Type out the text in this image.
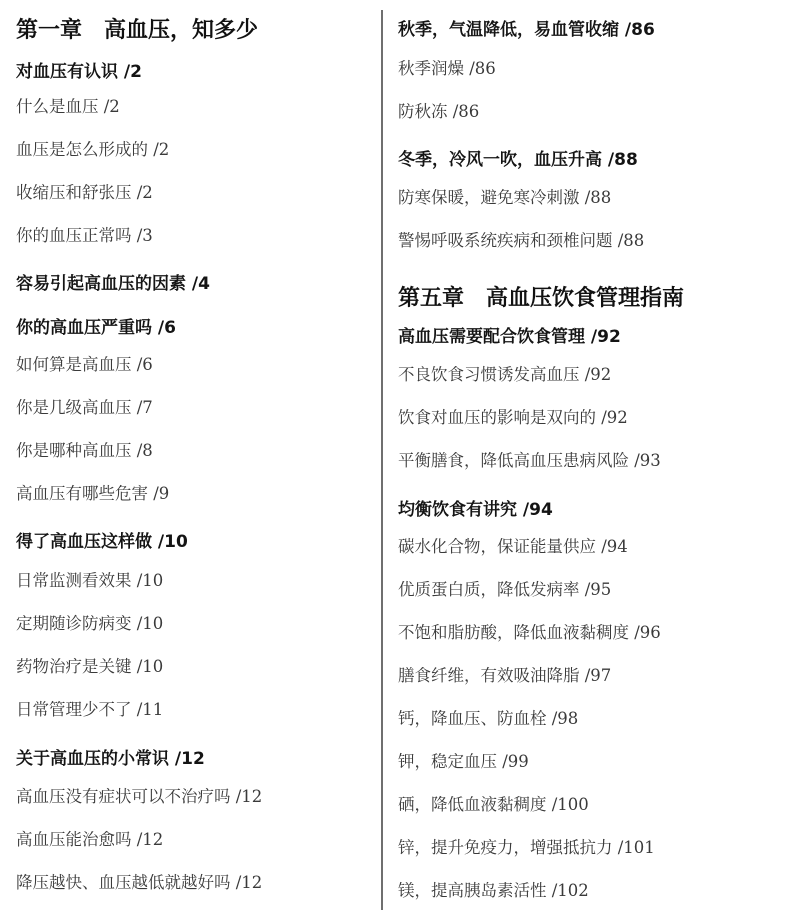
第一章　高血压，知多少
对血压有认识 /2
什么是血压 /2
血压是怎么形成的 /2
收缩压和舒张压 /2
你的血压正常吗 /3
容易引起高血压的因素 /4
你的高血压严重吗 /6
如何算是高血压 /6
你是几级高血压 /7
你是哪种高血压 /8
高血压有哪些危害 /9
得了高血压这样做 /10
日常监测看效果 /10
定期随诊防病变 /10
药物治疗是关键 /10
日常管理少不了 /11
关于高血压的小常识 /12
高血压没有症状可以不治疗吗 /12
高血压能治愈吗 /12
降压越快、血压越低就越好吗 /12
秋季，气温降低，易血管收缩 /86
秋季润燥 /86
防秋冻 /86
冬季，冷风一吹，血压升高 /88
防寒保暖，避免寒冷刺激 /88
警惕呼吸系统疾病和颈椎问题 /88
第五章　高血压饮食管理指南
高血压需要配合饮食管理 /92
不良饮食习惯诱发高血压 /92
饮食对血压的影响是双向的 /92
平衡膳食，降低高血压患病风险 /93
均衡饮食有讲究 /94
碳水化合物，保证能量供应 /94
优质蛋白质，降低发病率 /95
不饱和脂肪酸，降低血液黏稠度 /96
膳食纤维，有效吸油降脂 /97
钙，降血压、防血栓 /98
钾，稳定血压 /99
硒，降低血液黏稠度 /100
锌，提升免疫力，增强抵抗力 /101
镁，提高胰岛素活性 /102
